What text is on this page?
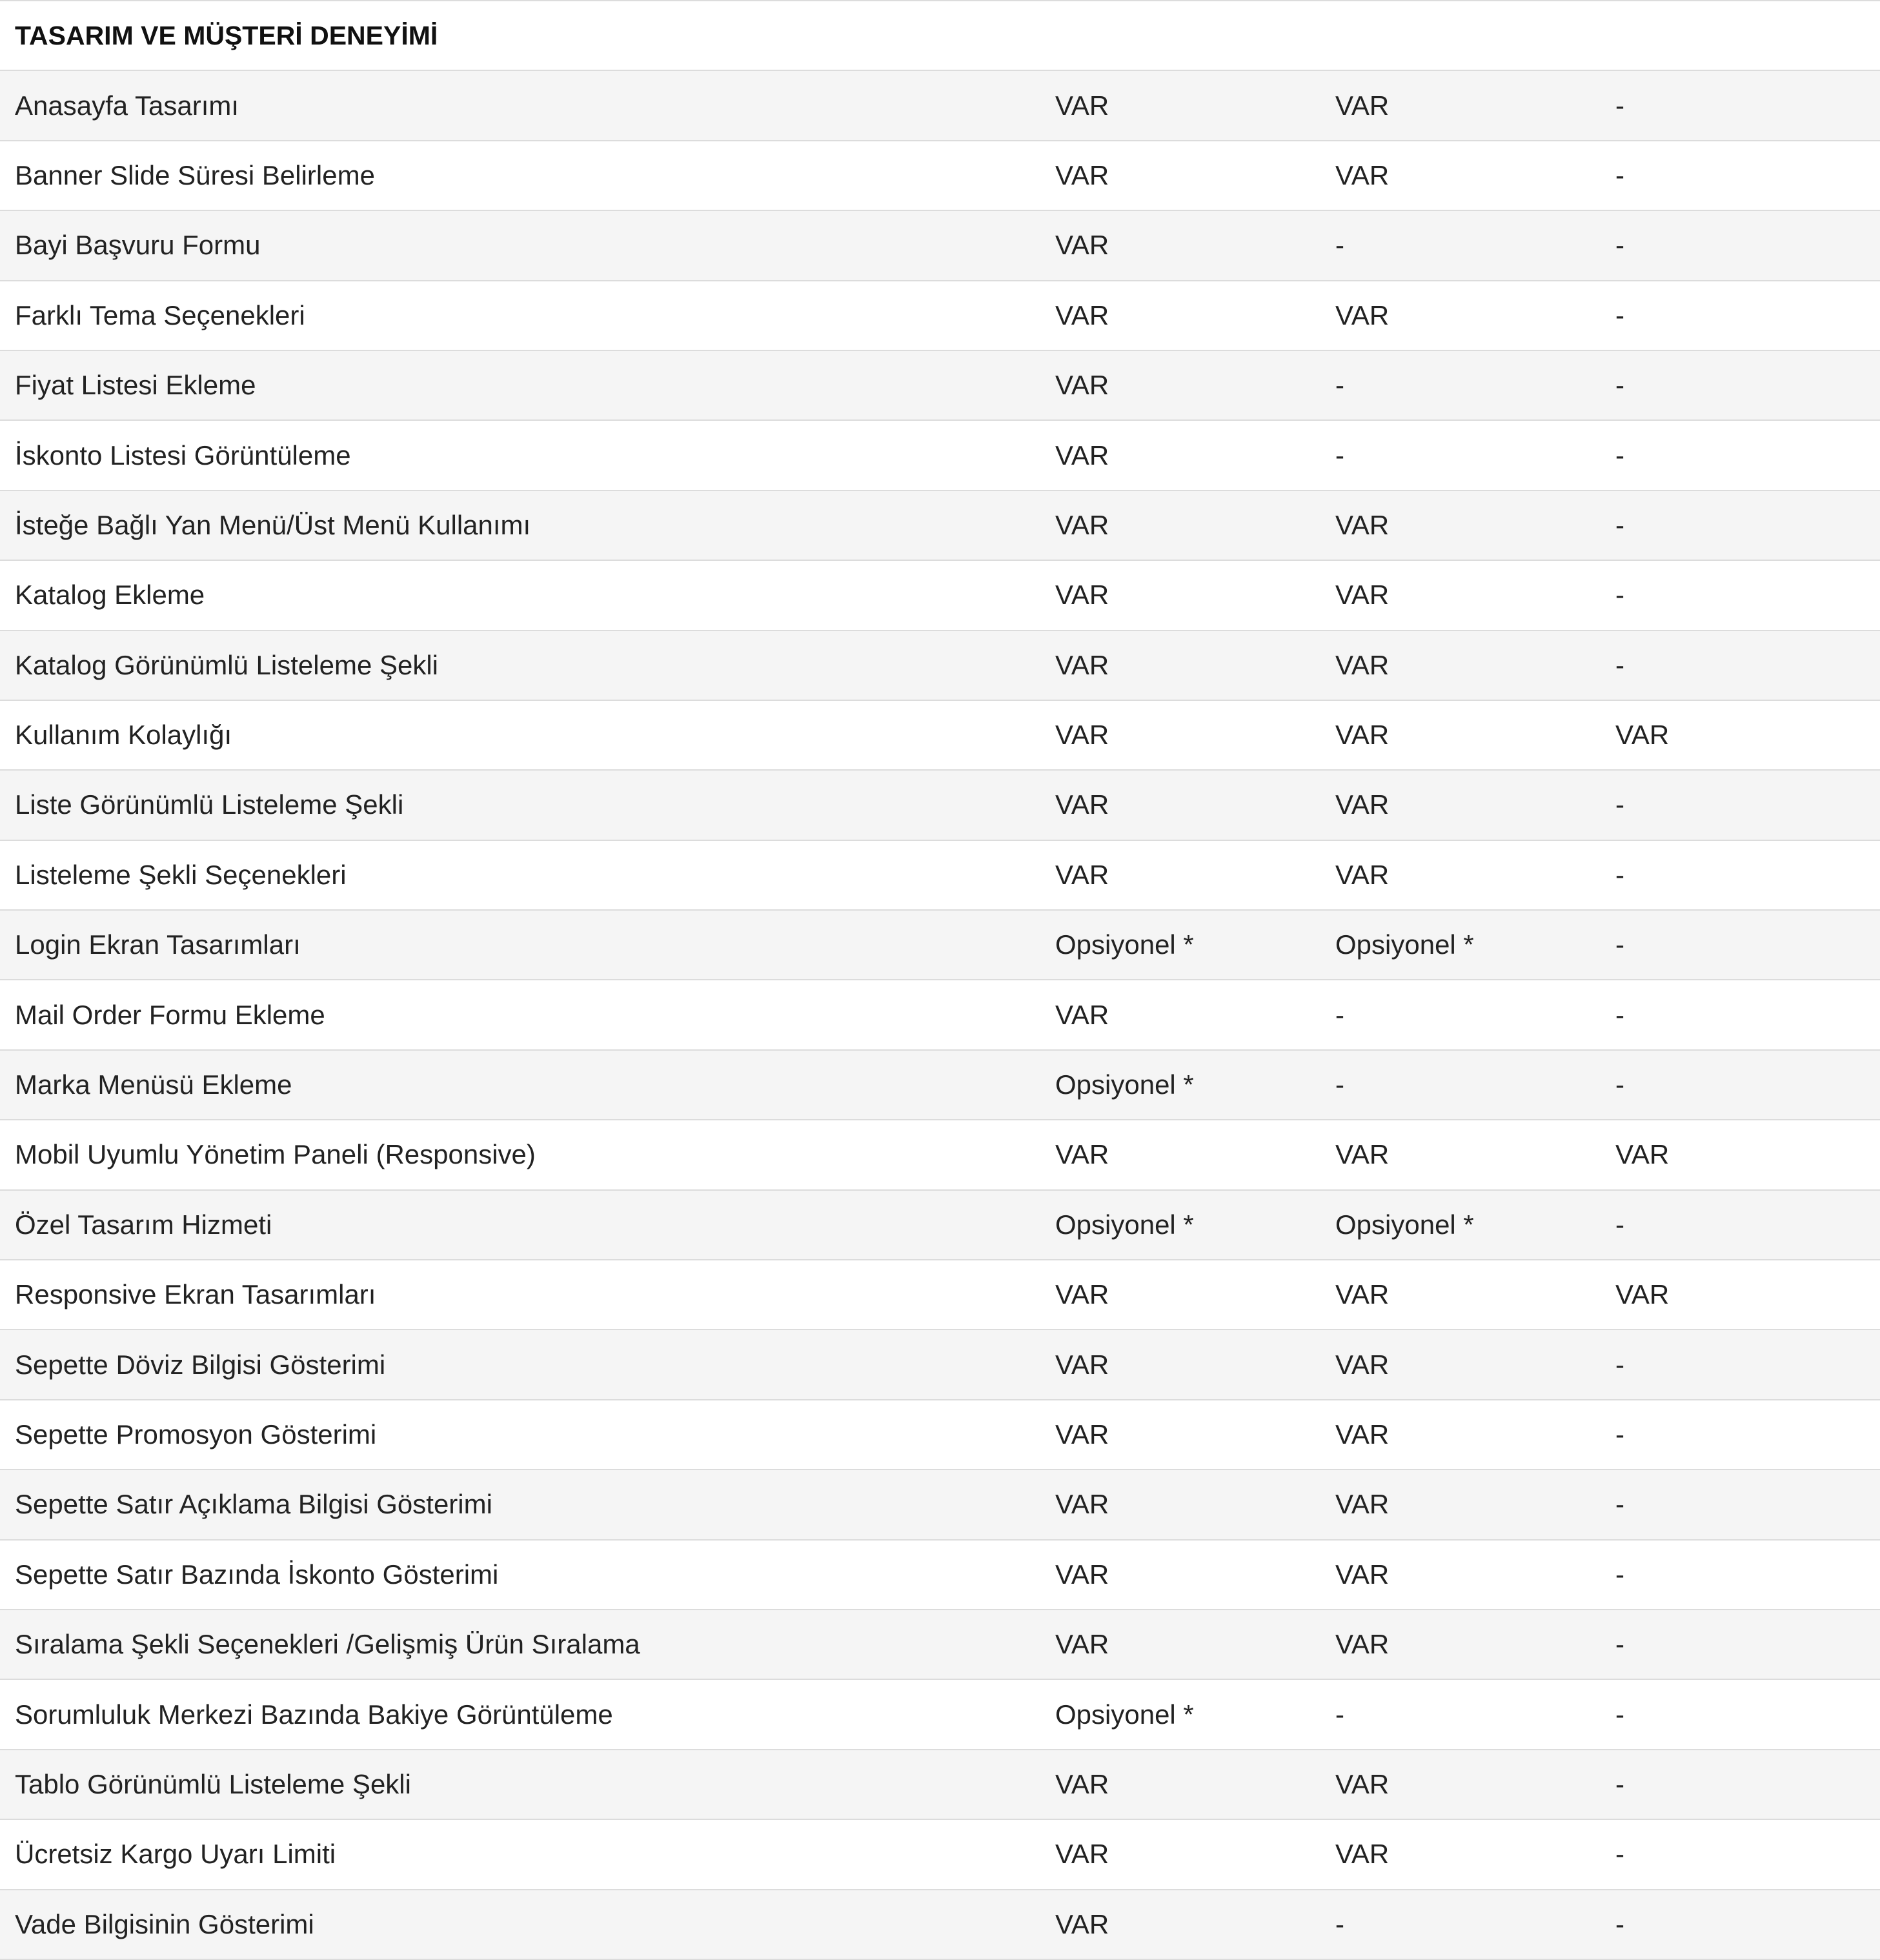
TASARIM VE MÜŞTERİ DENEYİMİ			
Anasayfa Tasarımı	VAR	VAR	-
Banner Slide Süresi Belirleme	VAR	VAR	-
Bayi Başvuru Formu	VAR	-	-
Farklı Tema Seçenekleri	VAR	VAR	-
Fiyat Listesi Ekleme	VAR	-	-
İskonto Listesi Görüntüleme	VAR	-	-
İsteğe Bağlı Yan Menü/Üst Menü Kullanımı	VAR	VAR	-
Katalog Ekleme	VAR	VAR	-
Katalog Görünümlü Listeleme Şekli	VAR	VAR	-
Kullanım Kolaylığı	VAR	VAR	VAR
Liste Görünümlü Listeleme Şekli	VAR	VAR	-
Listeleme Şekli Seçenekleri	VAR	VAR	-
Login Ekran Tasarımları	Opsiyonel *	Opsiyonel *	-
Mail Order Formu Ekleme	VAR	-	-
Marka Menüsü Ekleme	Opsiyonel *	-	-
Mobil Uyumlu Yönetim Paneli (Responsive)	VAR	VAR	VAR
Özel Tasarım Hizmeti	Opsiyonel *	Opsiyonel *	-
Responsive Ekran Tasarımları	VAR	VAR	VAR
Sepette Döviz Bilgisi Gösterimi	VAR	VAR	-
Sepette Promosyon Gösterimi	VAR	VAR	-
Sepette Satır Açıklama Bilgisi Gösterimi	VAR	VAR	-
Sepette Satır Bazında İskonto Gösterimi	VAR	VAR	-
Sıralama Şekli Seçenekleri /Gelişmiş Ürün Sıralama	VAR	VAR	-
Sorumluluk Merkezi Bazında Bakiye Görüntüleme	Opsiyonel *	-	-
Tablo Görünümlü Listeleme Şekli	VAR	VAR	-
Ücretsiz Kargo Uyarı Limiti	VAR	VAR	-
Vade Bilgisinin Gösterimi	VAR	-	-
